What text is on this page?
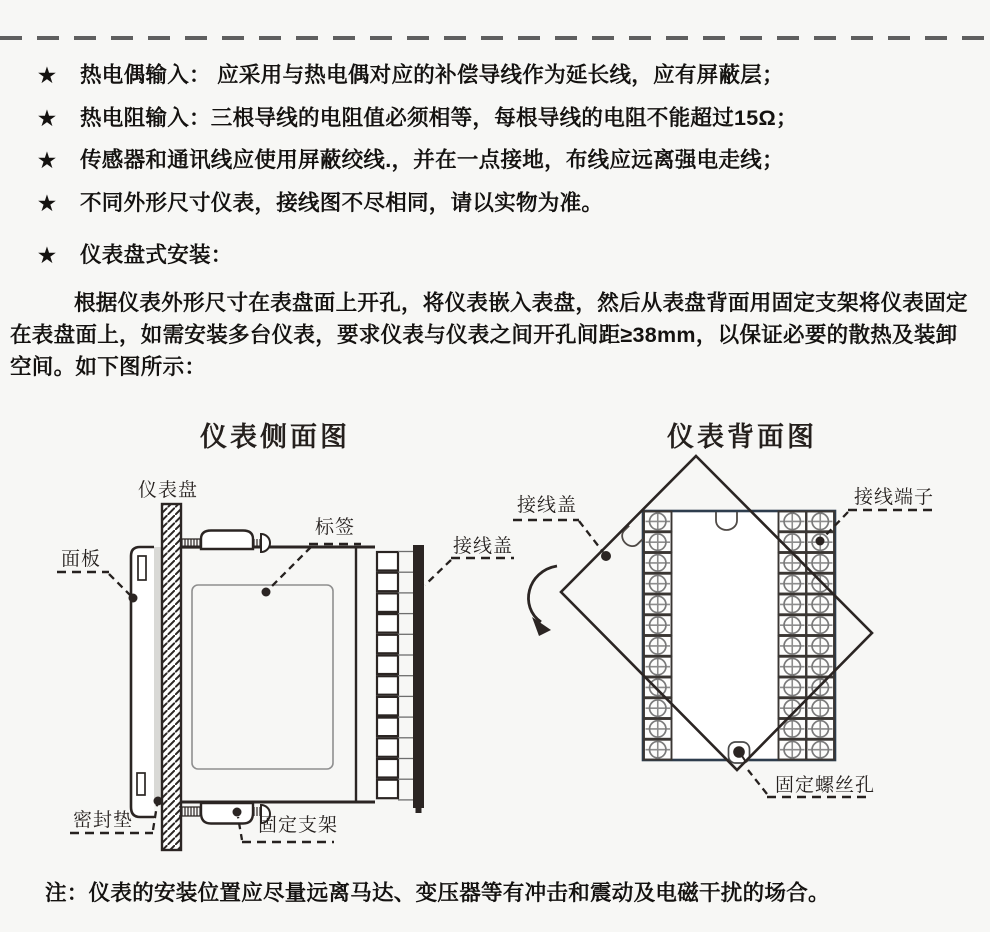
★	热电偶输入： 应采用与热电偶对应的补偿导线作为延长线，应有屏蔽层；
★	热电阻输入：三根导线的电阻值必须相等，每根导线的电阻不能超过15Ω；
★	传感器和通讯线应使用屏蔽绞线.，并在一点接地，布线应远离强电走线；
★	不同外形尺寸仪表，接线图不尽相同，请以实物为准。
★	仪表盘式安装：
根据仪表外形尺寸在表盘面上开孔，将仪表嵌入表盘，然后从表盘背面用固定支架将仪表固定在表盘面上，如需安装多台仪表，要求仪表与仪表之间开孔间距≥38mm，以保证必要的散热及装卸空间。如下图所示：
仪表侧面图	仪表背面图
仪表盘
面板
标签
接线盖
密封垫	固定支架
接线盖	接线端子
固定螺丝孔
注：仪表的安装位置应尽量远离马达、变压器等有冲击和震动及电磁干扰的场合。
